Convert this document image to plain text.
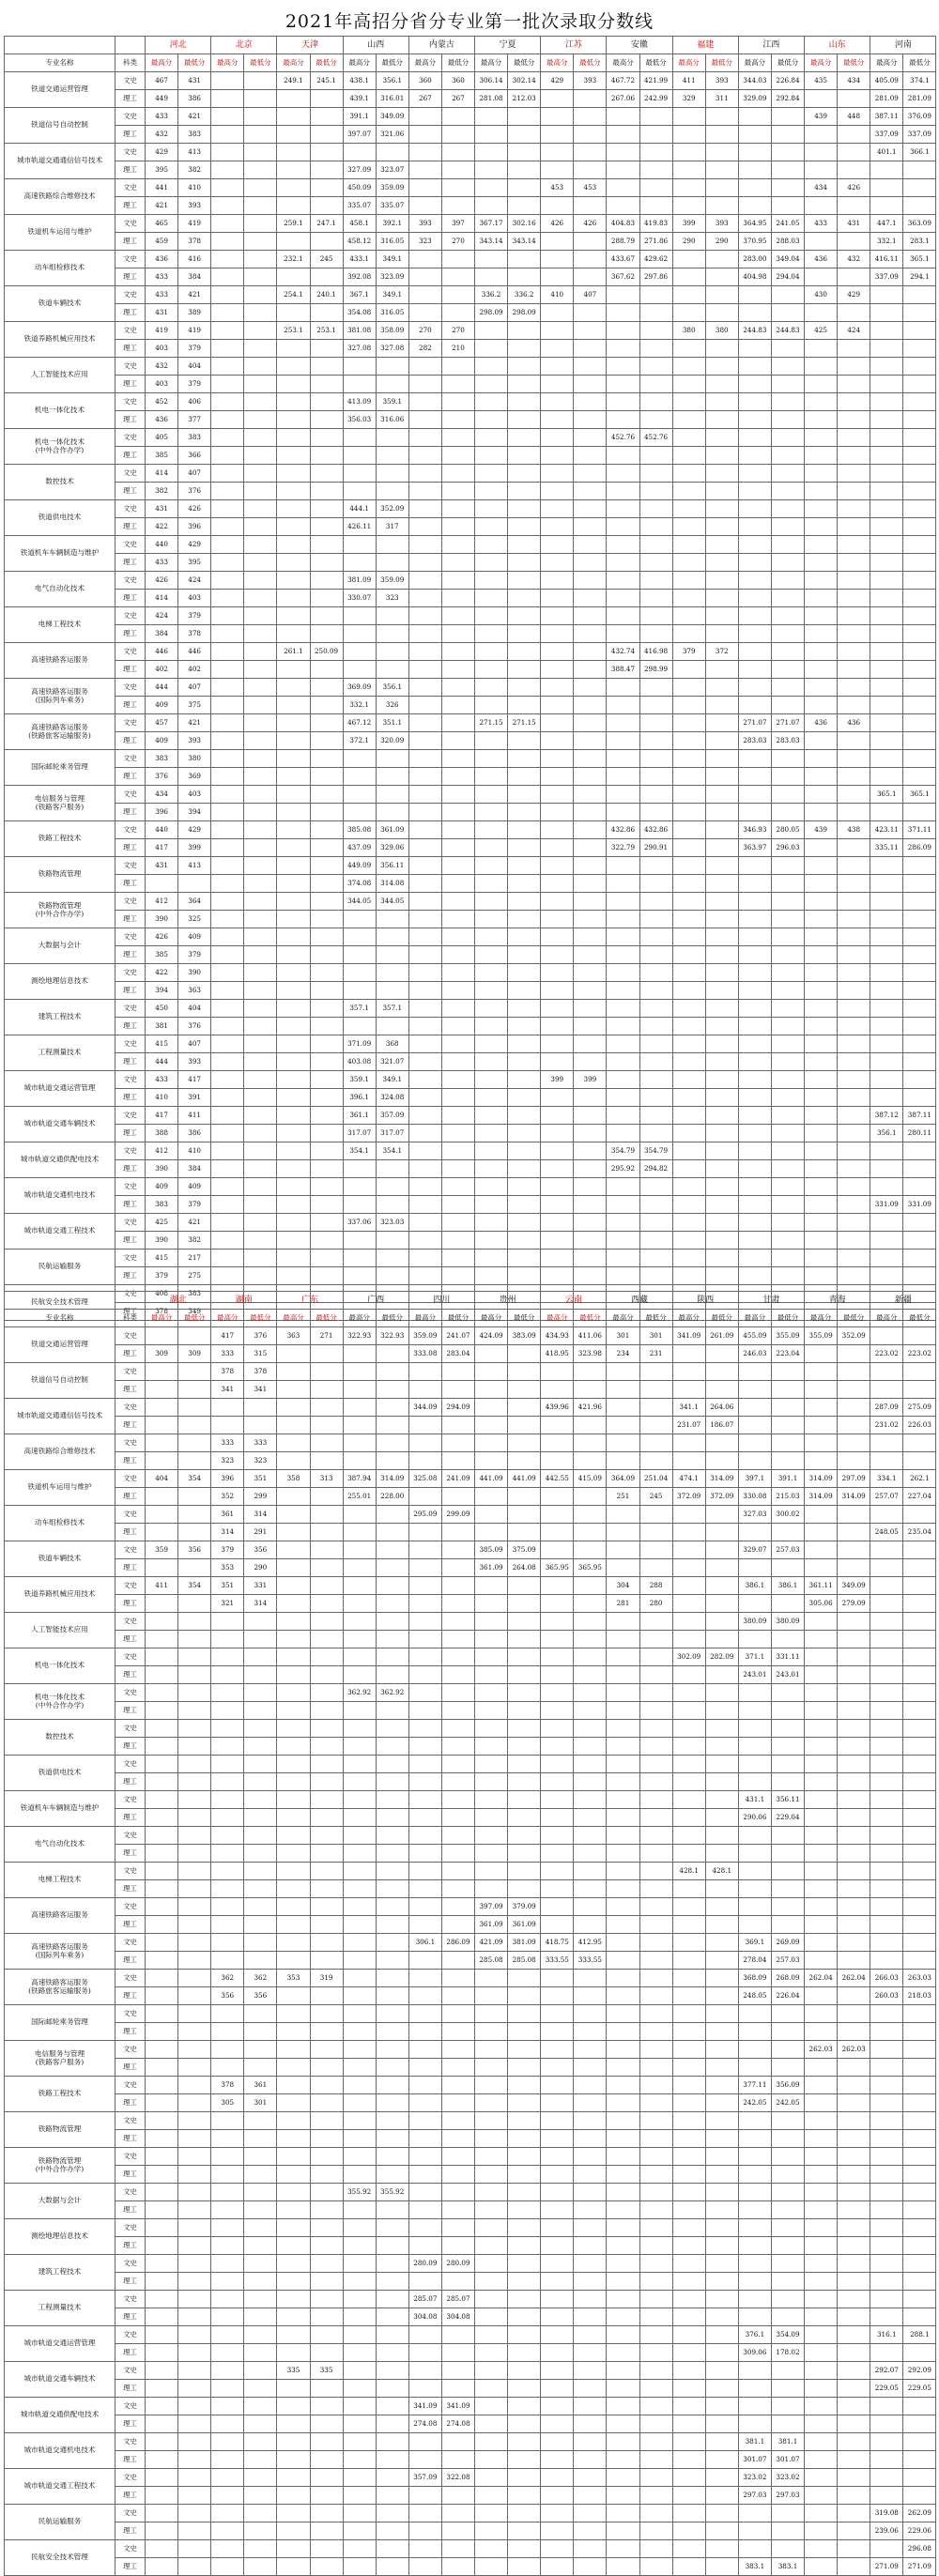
2021年高招分省分专业第一批次录取分数线
		河北		北京		天津		山西		内蒙古		宁夏		江苏		安徽		福建		江西		山东		河南	
专业名称	科类	最高分	最低分	最高分	最低分	最高分	最低分	最高分	最低分	最高分	最低分	最高分	最低分	最高分	最低分	最高分	最低分	最高分	最低分	最高分	最低分	最高分	最低分	最高分	最低分
铁道交通运营管理	文史	467	431			249.1	245.1	438.1	356.1	360	360	306.14	302.14	429	393	467.72	421.99	411	393	344.03	226.84	435	434	405.09	374.1
	理工	449	386					439.1	316.01	267	267	281.08	212.03			267.06	242.99	329	311	329.09	292.84			281.09	281.09
铁道信号自动控制	文史	433	421					391.1	349.09													439	448	387.11	376.09
	理工	432	383					397.07	321.06															337.09	337.09
城市轨道交通通信信号技术	文史	429	413																					401.1	366.1
	理工	395	382					327.09	323.07																
高速铁路综合维修技术	文史	441	410					450.09	359.09					453	453							434	426		
	理工	421	393					335.07	335.07																
铁道机车运用与维护	文史	465	419			259.1	247.1	458.1	392.1	393	397	367.17	302.16	426	426	404.83	419.83	399	393	364.95	241.05	433	431	447.1	363.09
	理工	459	378					458.12	316.05	323	270	343.14	343.14			288.79	271.86	290	290	370.95	288.03			332.1	283.1
动车组检修技术	文史	436	416			232.1	245	433.1	349.1							433.67	429.62			283.00	349.04	436	432	416.11	365.1
	理工	433	384					392.08	323.09							367.62	297.86			404.98	294.04			337.09	294.1
铁道车辆技术	文史	433	421			254.1	240.1	367.1	349.1			336.2	336.2	410	407							430	429		
	理工	431	389					354.08	316.05			298.09	298.09												
铁道养路机械应用技术	文史	419	419			253.1	253.1	381.08	358.09	270	270							380	380	244.83	244.83	425	424		
	理工	403	379					327.08	327.08	282	210														
人工智能技术应用	文史	432	404																						
	理工	403	379																						
机电一体化技术	文史	452	406					413.09	359.1																
	理工	436	377					356.03	316.06																
机电一体化技术
(中外合作办学)	文史	405	383													452.76	452.76								
	理工	385	366																						
数控技术	文史	414	407																						
	理工	382	376																						
铁道供电技术	文史	431	426					444.1	352.09																
	理工	422	396					426.11	317																
铁道机车车辆制造与维护	文史	440	429																						
	理工	433	395																						
电气自动化技术	文史	426	424					381.09	359.09																
	理工	414	403					330.07	323																
电梯工程技术	文史	424	379																						
	理工	384	378																						
高速铁路客运服务	文史	446	446			261.1	250.09									432.74	416.98	379	372						
	理工	402	402													388.47	298.99								
高速铁路客运服务
(国际列车乘务)	文史	444	407					369.09	356.1																
	理工	409	375					332.1	326																
高速铁路客运服务
(铁路旅客运输服务)	文史	457	421					467.12	351.1			271.15	271.15							271.07	271.07	436	436		
	理工	409	393					372.1	320.09											283.03	283.03				
国际邮轮乘务管理	文史	383	380																						
	理工	376	369																						
电信服务与管理
(铁路客户服务)	文史	434	403																					365.1	365.1
	理工	396	394																						
铁路工程技术	文史	440	429					385.08	361.09							432.86	432.86			346.93	280.05	439	438	423.11	371.11
	理工	417	399					437.09	329.06							322.79	290.91			363.97	296.03			335.11	286.09
铁路物流管理	文史	431	413					449.09	356.11																
	理工							374.08	314.08																
铁路物流管理
(中外合作办学)	文史	412	364					344.05	344.05																
	理工	390	325																						
大数据与会计	文史	426	409																						
	理工	385	379																						
测绘地理信息技术	文史	422	390																						
	理工	394	363																						
建筑工程技术	文史	450	404					357.1	357.1																
	理工	381	376																						
工程测量技术	文史	415	407					371.09	368																
	理工	444	393					403.08	321.07																
城市轨道交通运营管理	文史	433	417					359.1	349.1					399	399										
	理工	410	391					396.1	324.08																
城市轨道交通车辆技术	文史	417	411					361.1	357.09															387.12	387.11
	理工	388	386					317.07	317.07															356.1	280.11
城市轨道交通供配电技术	文史	412	410					354.1	354.1							354.79	354.79								
	理工	390	384													295.92	294.82								
城市轨道交通机电技术	文史	409	409																						
	理工	383	379																					331.09	331.09
城市轨道交通工程技术	文史	425	421					337.06	323.03																
	理工	390	382																						
民航运输服务	文史	415	217																						
	理工	379	275																						
民航安全技术管理	文史	408	383																						
	理工	378	349																						
		湖北		湖南		广东		广西		四川		贵州		云南		西藏		陕西		甘肃		青海		新疆		
专业名称	科类	最高分	最低分	最高分	最低分	最高分	最低分	最高分	最低分	最高分	最低分	最高分	最低分	最高分	最低分	最高分	最低分	最高分	最低分	最高分	最低分	最高分	最低分	最高分	最低分	
铁道交通运营管理	文史			417	376	363	271	322.93	322.93	359.09	241.07	424.09	383.09	434.93	411.06	301	301	341.09	261.09	455.09	355.09	355.09	352.09			
	理工	309	309	333	315					333.08	283.04			418.95	323.98	234	231			246.03	223.04			223.02	223.02	
铁道信号自动控制	文史			378	378																					
	理工			341	341																					
城市轨道交通通信信号技术	文史									344.09	294.09			439.96	421.96			341.1	264.06					287.09	275.09	
	理工																	231.07	186.07					231.02	226.03	
高速铁路综合维修技术	文史			333	333																					
	理工			323	323																					
铁道机车运用与维护	文史	404	354	396	351	358	313	387.94	314.09	325.08	241.09	441.09	441.09	442.55	415.09	364.09	251.04	474.1	314.09	397.1	391.1	314.09	297.09	334.1	262.1	
	理工			352	299			255.01	228.00							251	245	372.09	372.09	330.08	215.03	314.09	314.09	257.07	227.04	
动车组检修技术	文史			361	314					295.09	299.09									327.03	300.02					
	理工			314	291																			248.05	235.04	
铁道车辆技术	文史	359	356	379	356							385.09	375.09							329.07	257.03					
	理工			353	290							361.09	264.08	365.95	365.95											
铁道养路机械应用技术	文史	411	354	351	331											304	288			386.1	386.1	361.11	349.09			
	理工			321	314											281	280					305.06	279.09			
人工智能技术应用	文史																			380.09	380.09					
	理工																									
机电一体化技术	文史																	302.09	282.09	371.1	331.11					
	理工																			243.01	243.01					
机电一体化技术
(中外合作办学)	文史							362.92	362.92																	
	理工																									
数控技术	文史																									
	理工																									
铁道供电技术	文史																									
	理工																									
铁道机车车辆制造与维护	文史																			431.1	356.11					
	理工																			290.06	229.04					
电气自动化技术	文史																									
	理工																									
电梯工程技术	文史																	428.1	428.1							
	理工																									
高速铁路客运服务	文史											397.09	379.09													
	理工											361.09	361.09													
高速铁路客运服务
(国际列车乘务)	文史									306.1	286.09	421.09	381.09	418.75	412.95					369.1	269.09					
	理工											285.08	285.08	333.55	333.55					278.04	257.03					
高速铁路客运服务
(铁路旅客运输服务)	文史			362	362	353	319													368.09	268.09	262.04	262.04	266.03	263.03	
	理工			356	356															248.05	226.04			260.03	218.03	
国际邮轮乘务管理	文史																									
	理工																									
电信服务与管理
(铁路客户服务)	文史																					262.03	262.03			
	理工																									
铁路工程技术	文史			378	361															377.11	356.09					
	理工			305	301															242.05	242.05					
铁路物流管理	文史																									
	理工																									
铁路物流管理
(中外合作办学)	文史																									
	理工																									
大数据与会计	文史							355.92	355.92																	
	理工																									
测绘地理信息技术	文史																									
	理工																									
建筑工程技术	文史									280.09	280.09															
	理工																									
工程测量技术	文史									285.07	285.07															
	理工									304.08	304.08															
城市轨道交通运营管理	文史																			376.1	354.09			316.1	288.1	
	理工																			309.06	178.02					
城市轨道交通车辆技术	文史					335	335																	292.07	292.09	
	理工																							229.05	229.05	
城市轨道交通供配电技术	文史									341.09	341.09															
	理工									274.08	274.08															
城市轨道交通机电技术	文史																			381.1	381.1					
	理工																			301.07	301.07					
城市轨道交通工程技术	文史									357.09	322.08									323.02	323.02					
	理工																			297.03	297.03					
民航运输服务	文史																							319.08	262.09	
	理工																							239.06	229.06	
民航安全技术管理	文史																								296.08	
	理工																			383.1	383.1			271.09	271.09	
